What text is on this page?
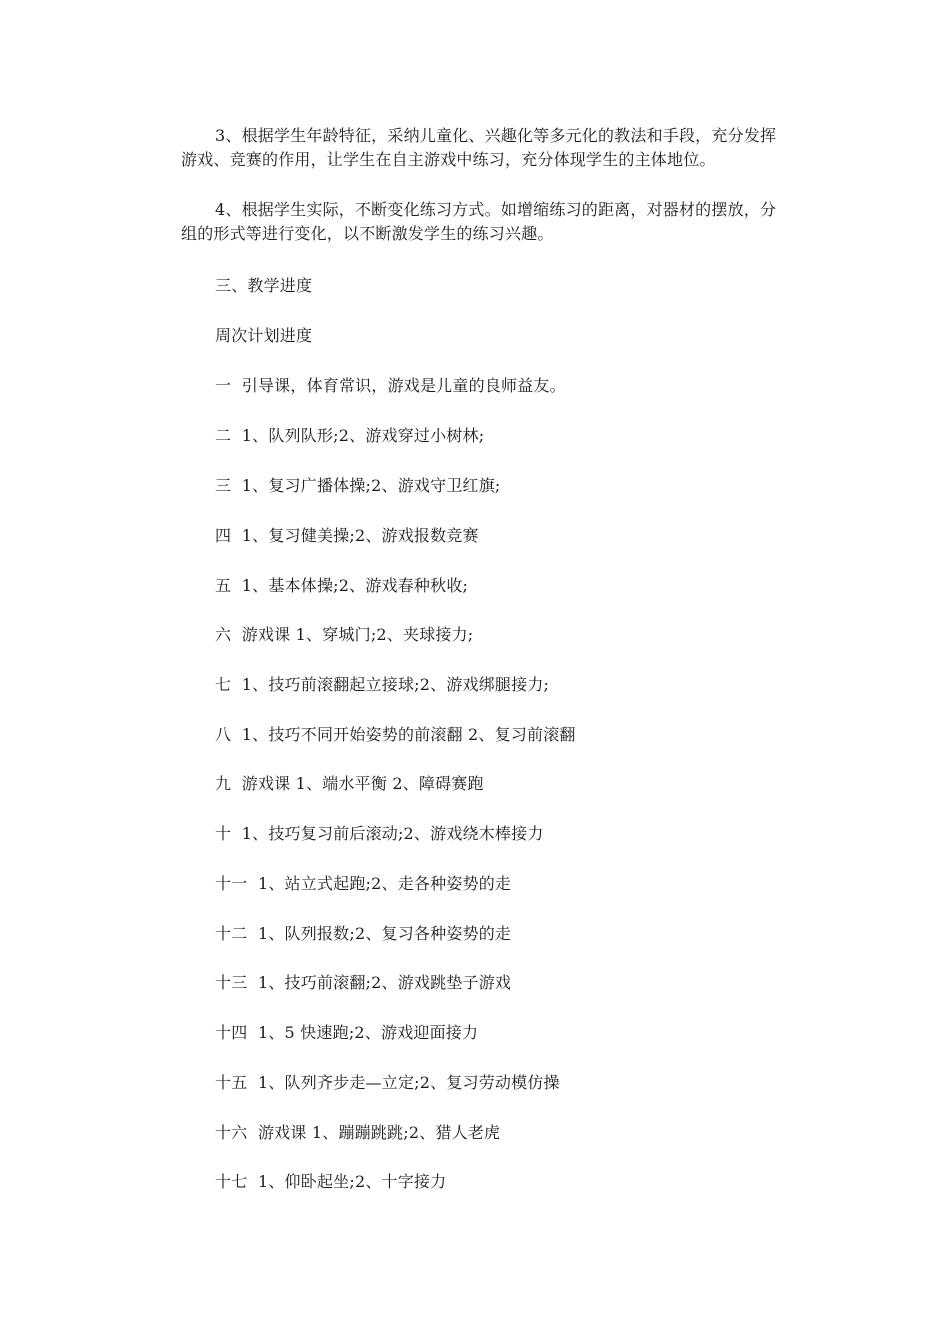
3、根据学生年龄特征，采纳儿童化、兴趣化等多元化的教法和手段，充分发挥游戏、竞赛的作用，让学生在自主游戏中练习，充分体现学生的主体地位。

4、根据学生实际，不断变化练习方式。如增缩练习的距离，对器材的摆放，分组的形式等进行变化，以不断激发学生的练习兴趣。

三、教学进度

周次计划进度

一  引导课，体育常识，游戏是儿童的良师益友。

二  1、队列队形;2、游戏穿过小树林;

三  1、复习广播体操;2、游戏守卫红旗;

四  1、复习健美操;2、游戏报数竞赛

五  1、基本体操;2、游戏春种秋收;

六  游戏课 1、穿城门;2、夹球接力;

七  1、技巧前滚翻起立接球;2、游戏绑腿接力;

八  1、技巧不同开始姿势的前滚翻 2、复习前滚翻

九  游戏课 1、端水平衡 2、障碍赛跑

十  1、技巧复习前后滚动;2、游戏绕木棒接力

十一  1、站立式起跑;2、走各种姿势的走

十二  1、队列报数;2、复习各种姿势的走

十三  1、技巧前滚翻;2、游戏跳垫子游戏

十四  1、5 快速跑;2、游戏迎面接力

十五  1、队列齐步走—立定;2、复习劳动模仿操

十六  游戏课 1、蹦蹦跳跳;2、猎人老虎

十七  1、仰卧起坐;2、十字接力
